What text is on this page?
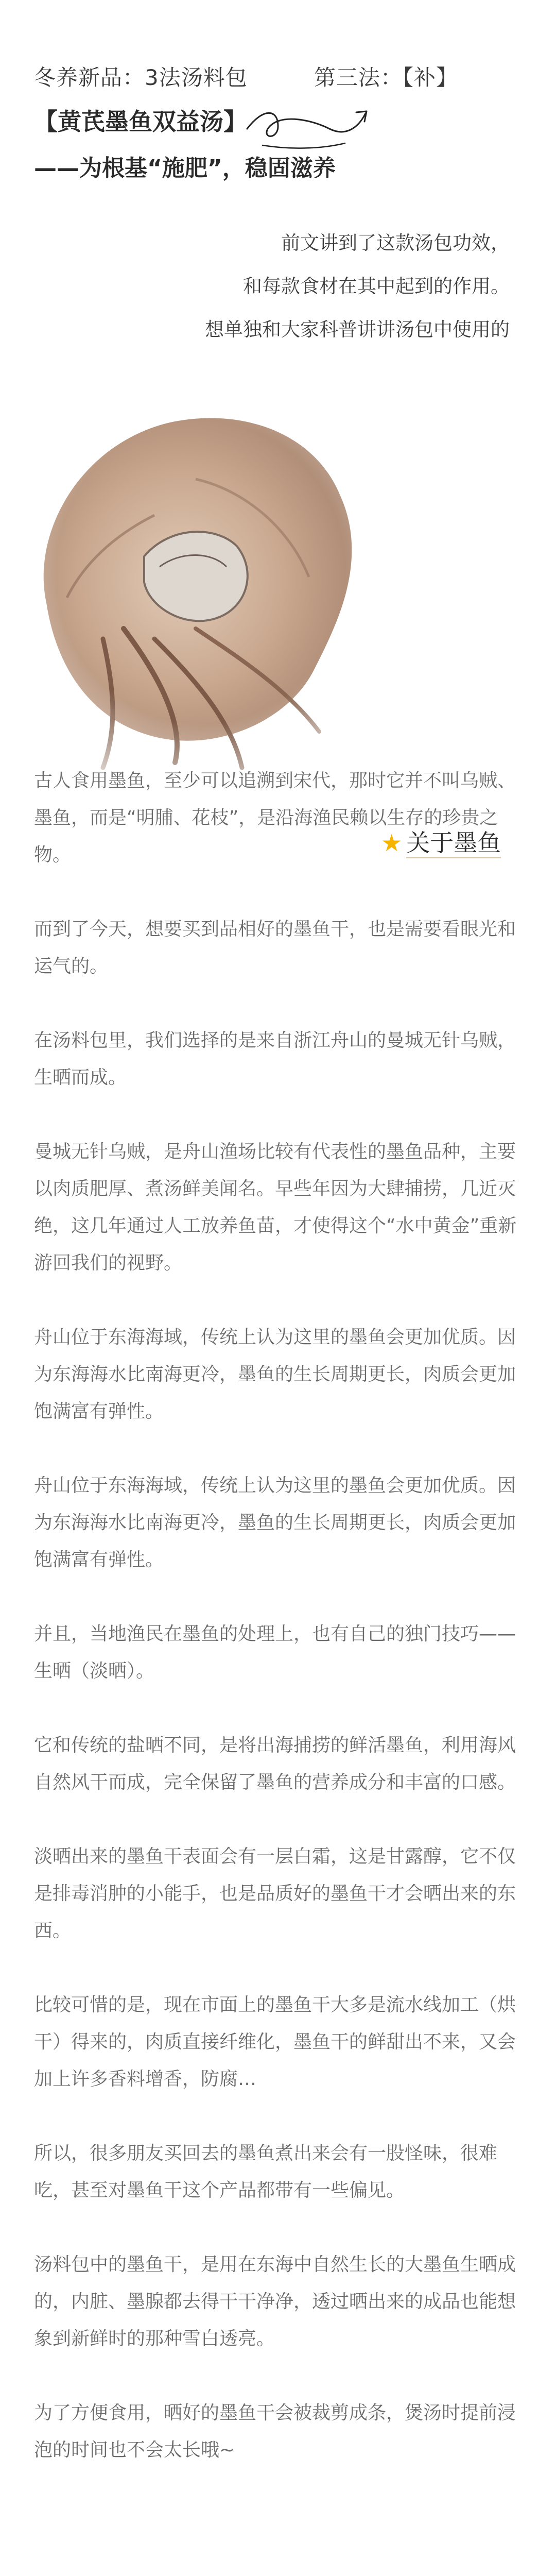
冬养新品：3法汤料包	第三法：【补】
【黄芪墨鱼双益汤】
——为根基“施肥”，稳固滋养
前文讲到了这款汤包功效，
和每款食材在其中起到的作用。
想单独和大家科普讲讲汤包中使用的
★ 关于墨鱼

古人食用墨鱼，至少可以追溯到宋代，那时它并不叫乌贼、墨鱼，而是“明脯、花枝”，是沿海渔民赖以生存的珍贵之物。

而到了今天，想要买到品相好的墨鱼干，也是需要看眼光和运气的。

在汤料包里，我们选择的是来自浙江舟山的曼城无针乌贼，生晒而成。

曼城无针乌贼，是舟山渔场比较有代表性的墨鱼品种，主要以肉质肥厚、煮汤鲜美闻名。早些年因为大肆捕捞，几近灭绝，这几年通过人工放养鱼苗，才使得这个“水中黄金”重新游回我们的视野。

舟山位于东海海域，传统上认为这里的墨鱼会更加优质。因为东海海水比南海更冷，墨鱼的生长周期更长，肉质会更加饱满富有弹性。

舟山位于东海海域，传统上认为这里的墨鱼会更加优质。因为东海海水比南海更冷，墨鱼的生长周期更长，肉质会更加饱满富有弹性。

并且，当地渔民在墨鱼的处理上，也有自己的独门技巧——生晒（淡晒）。

它和传统的盐晒不同，是将出海捕捞的鲜活墨鱼，利用海风自然风干而成，完全保留了墨鱼的营养成分和丰富的口感。

淡晒出来的墨鱼干表面会有一层白霜，这是甘露醇，它不仅是排毒消肿的小能手，也是品质好的墨鱼干才会晒出来的东西。

比较可惜的是，现在市面上的墨鱼干大多是流水线加工（烘干）得来的，肉质直接纤维化，墨鱼干的鲜甜出不来，又会加上许多香料增香，防腐…

所以，很多朋友买回去的墨鱼煮出来会有一股怪味，很难吃，甚至对墨鱼干这个产品都带有一些偏见。

汤料包中的墨鱼干，是用在东海中自然生长的大墨鱼生晒成的，内脏、墨腺都去得干干净净，透过晒出来的成品也能想象到新鲜时的那种雪白透亮。

为了方便食用，晒好的墨鱼干会被裁剪成条，煲汤时提前浸泡的时间也不会太长哦~
